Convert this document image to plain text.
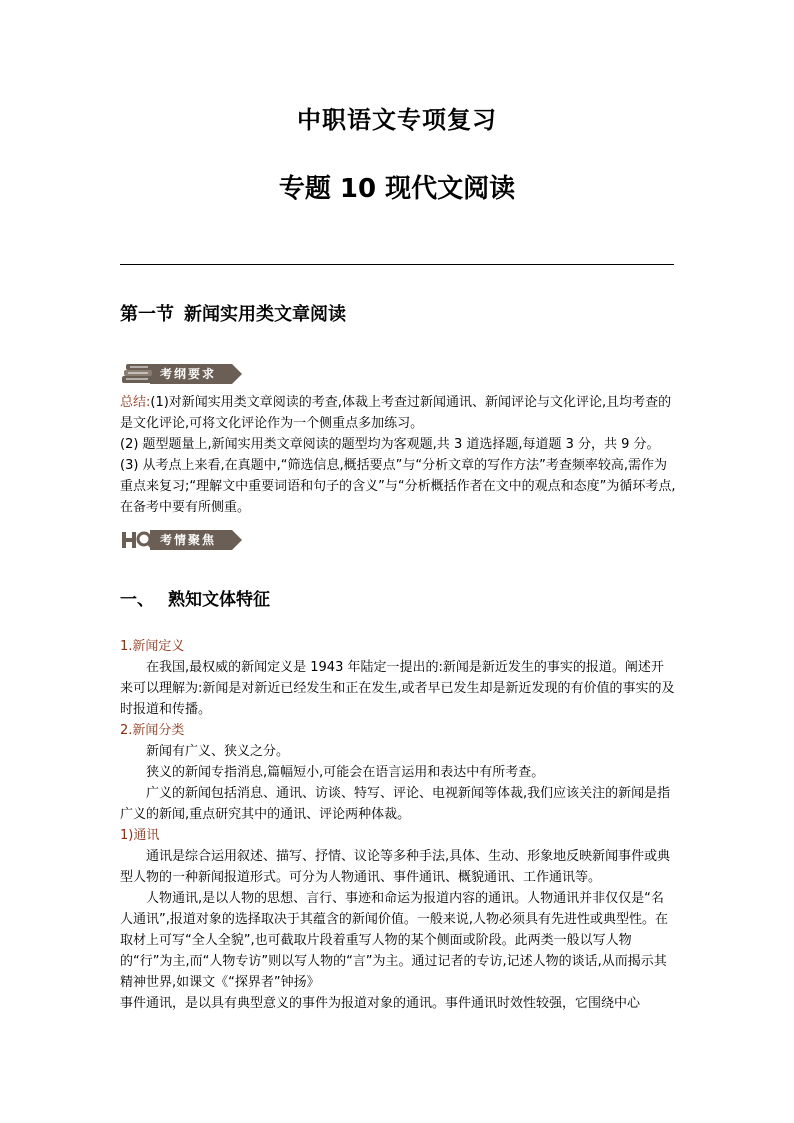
中职语文专项复习
专题 10 现代文阅读
第一节 新闻实用类文章阅读
考纲要求

总结:(1)对新闻实用类文章阅读的考查,体裁上考查过新闻通讯、新闻评论与文化评论,且均考查的是文化评论,可将文化评论作为一个侧重点多加练习。

(2) 题型题量上,新闻实用类文章阅读的题型均为客观题,共 3 道选择题,每道题 3 分，共 9 分。

(3) 从考点上来看,在真题中,“筛选信息,概括要点”与“分析文章的写作方法”考查频率较高,需作为重点来复习;“理解文中重要词语和句子的含义”与“分析概括作者在文中的观点和态度”为循环考点,在备考中要有所侧重。

考情聚焦
一、 熟知文体特征

1.新闻定义

在我国,最权威的新闻定义是 1943 年陆定一提出的:新闻是新近发生的事实的报道。阐述开来可以理解为:新闻是对新近已经发生和正在发生,或者早已发生却是新近发现的有价值的事实的及时报道和传播。

2.新闻分类

新闻有广义、狭义之分。

狭义的新闻专指消息,篇幅短小,可能会在语言运用和表达中有所考查。

广义的新闻包括消息、通讯、访谈、特写、评论、电视新闻等体裁,我们应该关注的新闻是指广义的新闻,重点研究其中的通讯、评论两种体裁。

1)通讯

通讯是综合运用叙述、描写、抒情、议论等多种手法,具体、生动、形象地反映新闻事件或典型人物的一种新闻报道形式。可分为人物通讯、事件通讯、概貌通讯、工作通讯等。

人物通讯,是以人物的思想、言行、事迹和命运为报道内容的通讯。人物通讯并非仅仅是“名人通讯”,报道对象的选择取决于其蕴含的新闻价值。一般来说,人物必须具有先进性或典型性。在取材上可写“全人全貌”,也可截取片段着重写人物的某个侧面或阶段。此两类一般以写人物的“行”为主,而“人物专访”则以写人物的“言”为主。通过记者的专访,记述人物的谈话,从而揭示其精神世界,如课文《“探界者”钟扬》

事件通讯，是以具有典型意义的事件为报道对象的通讯。事件通讯时效性较强，它围绕中心
